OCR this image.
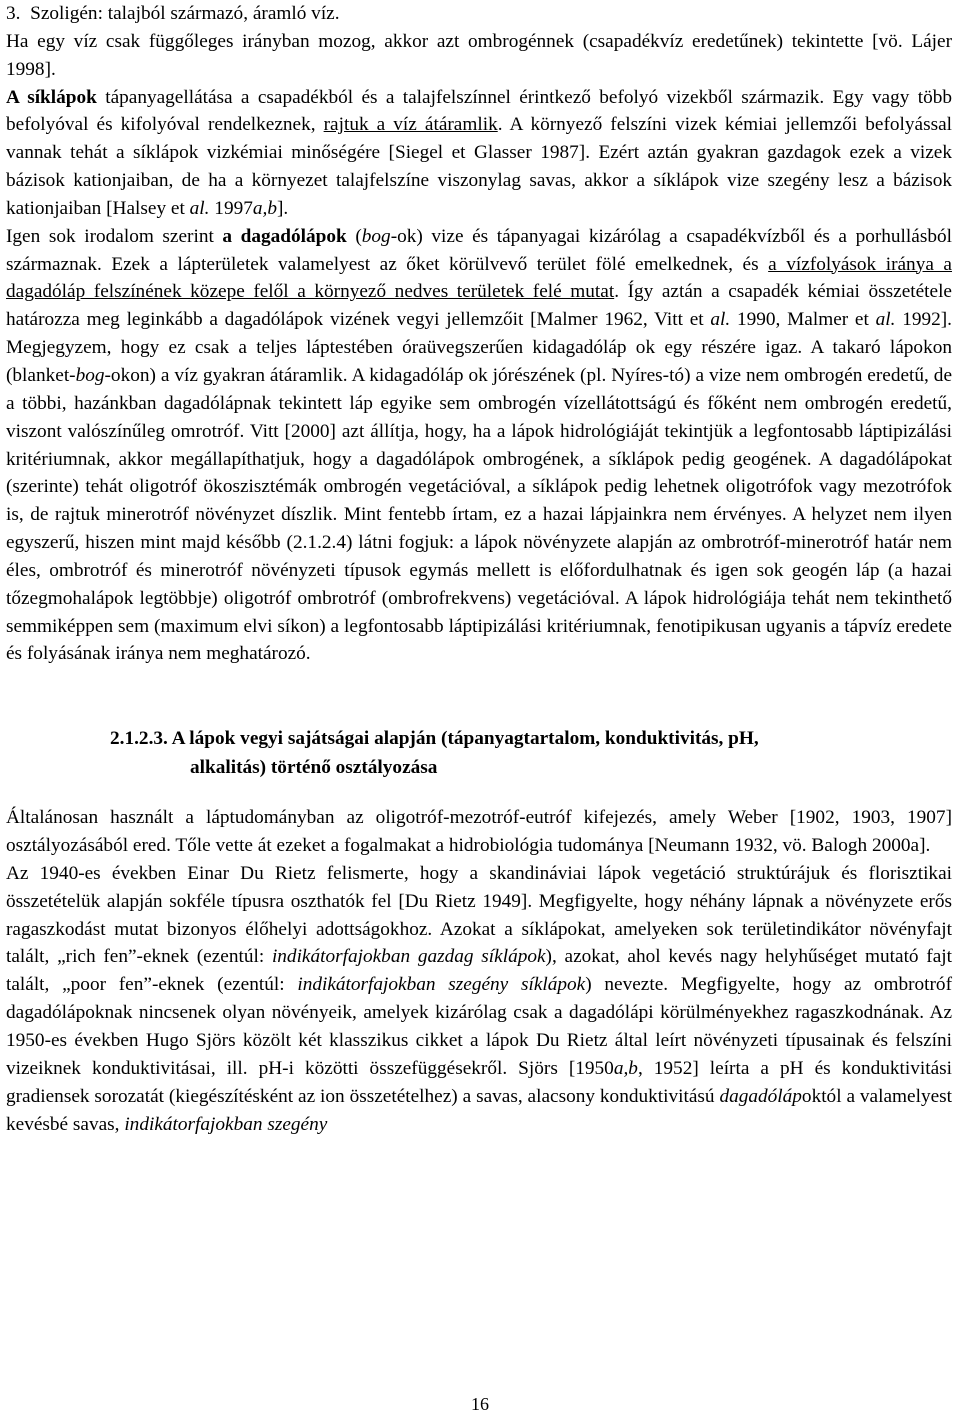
3.  Szoligén: talajból származó, áramló víz.

Ha egy víz csak függőleges irányban mozog, akkor azt ombrogénnek (csapadékvíz eredetűnek) tekintette [vö. Lájer 1998].

A síklápok tápanyagellátása a csapadékból és a talajfelszínnel érintkező befolyó vizekből származik. Egy vagy több befolyóval és kifolyóval rendelkeznek, rajtuk a víz átáramlik. A környező felszíni vizek kémiai jellemzői befolyással vannak tehát a síklápok vizkémiai minőségére [Siegel et Glasser 1987]. Ezért aztán gyakran gazdagok ezek a vizek bázisok kationjaiban, de ha a környezet talajfelszíne viszonylag savas, akkor a síklápok vize szegény lesz a bázisok kationjaiban [Halsey et al. 1997a,b].

Igen sok irodalom szerint a dagadólápok (bog-ok) vize és tápanyagai kizárólag a csapadékvízből és a porhullásból származnak. Ezek a lápterületek valamelyest az őket körülvevő terület fölé emelkednek, és a vízfolyások iránya a dagadóláp felszínének közepe felől a környező nedves területek felé mutat. Így aztán a csapadék kémiai összetétele határozza meg leginkább a dagadólápok vizének vegyi jellemzőit [Malmer 1962, Vitt et al. 1990, Malmer et al. 1992]. Megjegyzem, hogy ez csak a teljes láptestében óraüvegszerűen kidagadóláp ok egy részére igaz. A takaró lápokon (blanket-bog-okon) a víz gyakran átáramlik. A kidagadóláp ok jórészének (pl. Nyíres-tó) a vize nem ombrogén eredetű, de a többi, hazánkban dagadólápnak tekintett láp egyike sem ombrogén vízellátottságú és főként nem ombrogén eredetű, viszont valószínűleg omrotróf. Vitt [2000] azt állítja, hogy, ha a lápok hidrológiáját tekintjük a legfontosabb láptipizálási kritériumnak, akkor megállapíthatjuk, hogy a dagadólápok ombrogének, a síklápok pedig geogének. A dagadólápokat (szerinte) tehát oligotróf ökoszisztémák ombrogén vegetációval, a síklápok pedig lehetnek oligotrófok vagy mezotrófok is, de rajtuk minerotróf növényzet díszlik. Mint fentebb írtam, ez a hazai lápjainkra nem érvényes. A helyzet nem ilyen egyszerű, hiszen mint majd később (2.1.2.4) látni fogjuk: a lápok növényzete alapján az ombrotróf-minerotróf határ nem éles, ombrotróf és minerotróf növényzeti típusok egymás mellett is előfordulhatnak és igen sok geogén láp (a hazai tőzegmohalápok legtöbbje) oligotróf ombrotróf (ombrofrekvens) vegetációval. A lápok hidrológiája tehát nem tekinthető semmiképpen sem (maximum elvi síkon) a legfontosabb láptipizálási kritériumnak, fenotipikusan ugyanis a tápvíz eredete és folyásának iránya nem meghatározó.

2.1.2.3. A lápok vegyi sajátságai alapján (tápanyagtartalom, konduktivitás, pH,
alkalitás) történő osztályozása

Általánosan használt a láptudományban az oligotróf-mezotróf-eutróf kifejezés, amely Weber [1902, 1903, 1907] osztályozásából ered. Tőle vette át ezeket a fogalmakat a hidrobiológia tudománya [Neumann 1932, vö. Balogh 2000a].

Az 1940-es években Einar Du Rietz felismerte, hogy a skandináviai lápok vegetáció struktúrájuk és florisztikai összetételük alapján sokféle típusra oszthatók fel [Du Rietz 1949]. Megfigyelte, hogy néhány lápnak a növényzete erős ragaszkodást mutat bizonyos élőhelyi adottságokhoz. Azokat a síklápokat, amelyeken sok területindikátor növényfajt talált, „rich fen”-eknek (ezentúl: indikátorfajokban gazdag síklápok), azokat, ahol kevés nagy helyhűséget mutató fajt talált, „poor fen”-eknek (ezentúl: indikátorfajokban szegény síklápok) nevezte. Megfigyelte, hogy az ombrotróf dagadólápoknak nincsenek olyan növényeik, amelyek kizárólag csak a dagadólápi körülményekhez ragaszkodnának. Az 1950-es években Hugo Sjörs közölt két klasszikus cikket a lápok Du Rietz által leírt növényzeti típusainak és felszíni vizeiknek konduktivitásai, ill. pH-i közötti összefüggésekről. Sjörs [1950a,b, 1952] leírta a pH és konduktivitási gradiensek sorozatát (kiegészítésként az ion összetételhez) a savas, alacsony konduktivitású dagadólápoktól a valamelyest kevésbé savas, indikátorfajokban szegény

16
